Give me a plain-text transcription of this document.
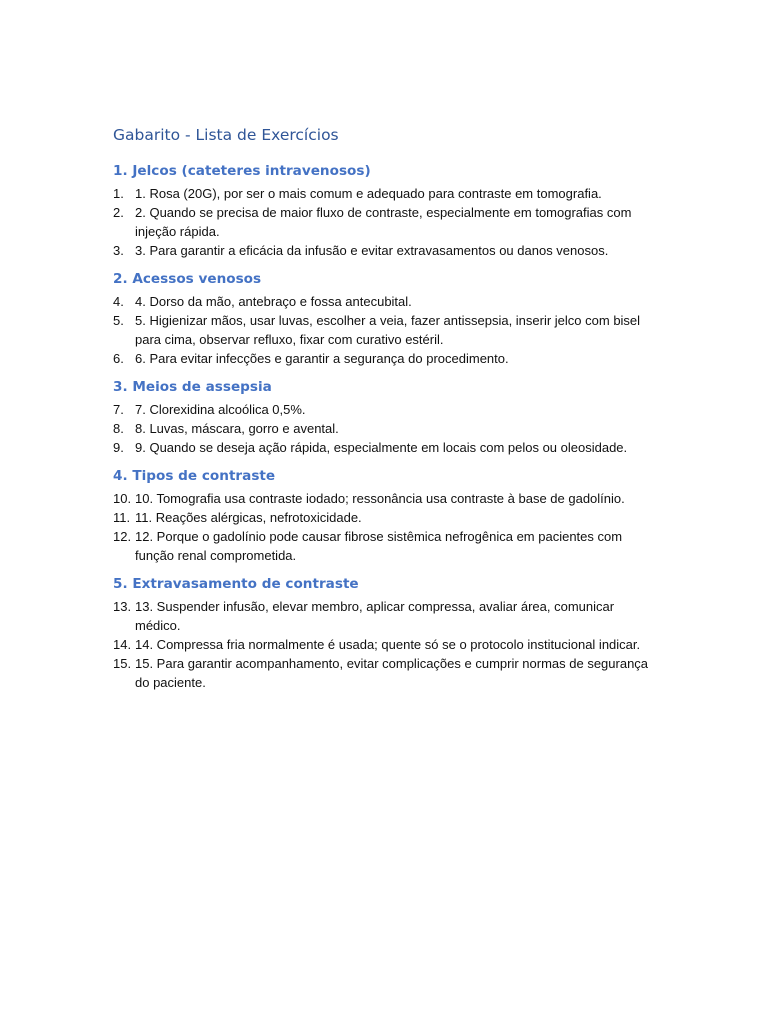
Gabarito - Lista de Exercícios
1. Jelcos (cateteres intravenosos)
1. 1. Rosa (20G), por ser o mais comum e adequado para contraste em tomografia.
2. 2. Quando se precisa de maior fluxo de contraste, especialmente em tomografias com injeção rápida.
3. 3. Para garantir a eficácia da infusão e evitar extravasamentos ou danos venosos.
2. Acessos venosos
4. 4. Dorso da mão, antebraço e fossa antecubital.
5. 5. Higienizar mãos, usar luvas, escolher a veia, fazer antissepsia, inserir jelco com bisel para cima, observar refluxo, fixar com curativo estéril.
6. 6. Para evitar infecções e garantir a segurança do procedimento.
3. Meios de assepsia
7. 7. Clorexidina alcoólica 0,5%.
8. 8. Luvas, máscara, gorro e avental.
9. 9. Quando se deseja ação rápida, especialmente em locais com pelos ou oleosidade.
4. Tipos de contraste
10. 10. Tomografia usa contraste iodado; ressonância usa contraste à base de gadolínio.
11. 11. Reações alérgicas, nefrotoxicidade.
12. 12. Porque o gadolínio pode causar fibrose sistêmica nefrogênica em pacientes com função renal comprometida.
5. Extravasamento de contraste
13. 13. Suspender infusão, elevar membro, aplicar compressa, avaliar área, comunicar médico.
14. 14. Compressa fria normalmente é usada; quente só se o protocolo institucional indicar.
15. 15. Para garantir acompanhamento, evitar complicações e cumprir normas de segurança do paciente.
